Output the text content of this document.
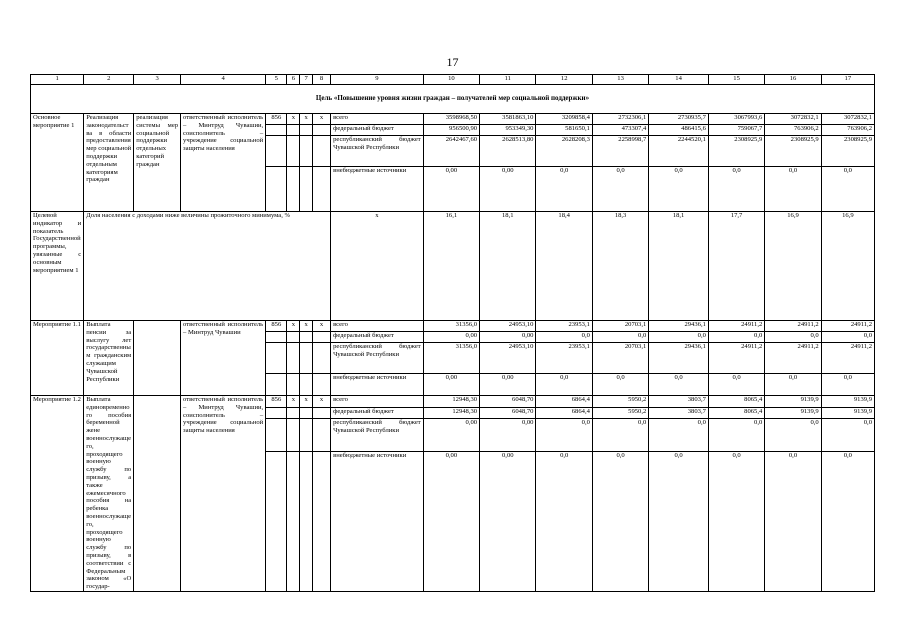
17
1	2	3	4	5	6	7	8	9	10	11	12	13	14	15	16	17
Цель «Повышение уровня жизни граждан – получателей мер социальной поддержки»																
Основное мероприятие 1	Реализация законодательства в области предоставления мер социальной поддержки отдельным категориям граждан	реализация системы мер социальной поддержки отдельных категорий граждан	ответственный исполнитель – Минтруд Чувашии, соисполнитель – учреждение социальной защиты населения	856	x	x	x	всего	3598968,50	3581863,10	3209858,4	2732306,1	2730935,7	3067993,6	3072832,1	3072832,1
								федеральный бюджет	956500,90	953349,30	581650,1	473307,4	486415,6	759067,7	763906,2	763906,2
								республиканский бюджет Чувашской Республики	2642467,60	2628513,80	2628208,3	2258998,7	2244520,1	2308925,9	2308925,9	2308925,9
								внебюджетные источники	0,00	0,00	0,0	0,0	0,0	0,0	0,0	0,0
Целевой индикатор и показатель Государственной программы, увязанные с основным мероприятием 1	Доля населения с доходами ниже величины прожиточного минимума, %							x	16,1	18,1	18,4	18,3	18,1	17,7	16,9	16,9
Мероприятие 1.1	Выплата пенсии за выслугу лет государственным гражданским служащим Чувашской Республики		ответственный исполнитель – Минтруд Чувашии	856	x	x	x	всего	31356,0	24953,10	23953,1	20703,1	29436,1	24911,2	24911,2	24911,2
								федеральный бюджет	0,00	0,00	0,0	0,0	0,0	0,0	0,0	0,0
								республиканский бюджет Чувашской Республики	31356,0	24953,10	23953,1	20703,1	29436,1	24911,2	24911,2	24911,2
								внебюджетные источники	0,00	0,00	0,0	0,0	0,0	0,0	0,0	0,0
Мероприятие 1.2	Выплата единовременного пособия беременной жене военнослужащего, проходящего военную службу по призыву, а также ежемесячного пособия на ребенка военнослужащего, проходящего военную службу по призыву, в соответствии с Федеральным законом «О государ-		ответственный исполнитель – Минтруд Чувашии, соисполнитель – учреждение социальной защиты населения	856	x	x	x	всего	12948,30	6048,70	6864,4	5950,2	3803,7	8065,4	9139,9	9139,9
								федеральный бюджет	12948,30	6048,70	6864,4	5950,2	3803,7	8065,4	9139,9	9139,9
								республиканский бюджет Чувашской Республики	0,00	0,00	0,0	0,0	0,0	0,0	0,0	0,0
								внебюджетные источники	0,00	0,00	0,0	0,0	0,0	0,0	0,0	0,0
